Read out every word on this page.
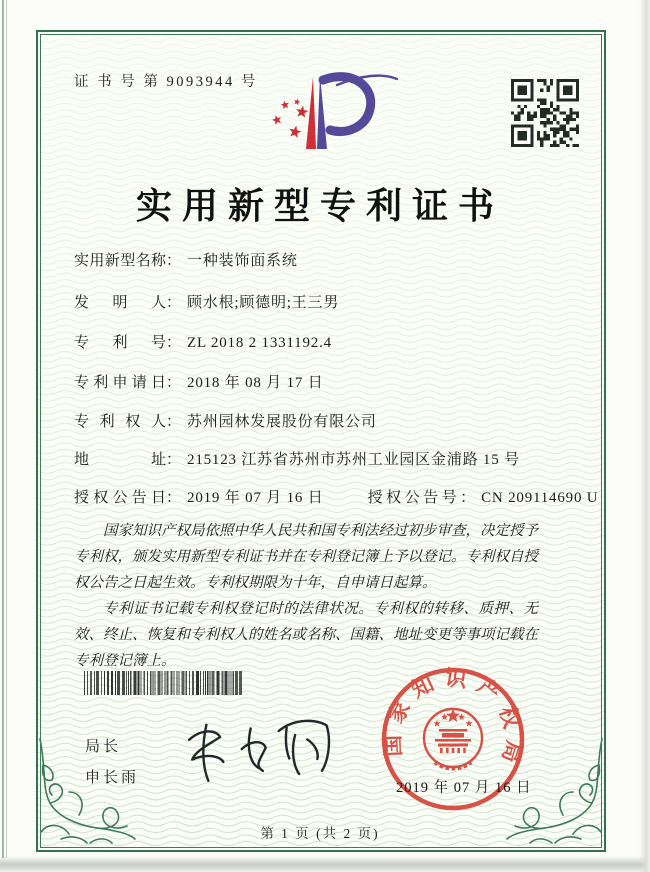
证 书 号 第 9093944 号
实用新型专利证书
实用新型名称： 一种装饰面系统
发明人： 顾水根;顾德明;王三男
专利号： ZL 2018 2 1331192.4
专利申请日： 2018 年 08 月 17 日
专利权人： 苏州园林发展股份有限公司
地址： 215123 江苏省苏州市苏州工业园区金浦路 15 号
授权公告日： 2019 年 07 月 16 日	授权公告号： CN 209114690 U

国家知识产权局依照中华人民共和国专利法经过初步审查，决定授予专利权，颁发实用新型专利证书并在专利登记簿上予以登记。专利权自授权公告之日起生效。专利权期限为十年，自申请日起算。

专利证书记载专利权登记时的法律状况。专利权的转移、质押、无效、终止、恢复和专利权人的姓名或名称、国籍、地址变更等事项记载在专利登记簿上。

局长
申长雨
国家知识产权局
2019 年 07 月 16 日
第 1 页 (共 2 页)
